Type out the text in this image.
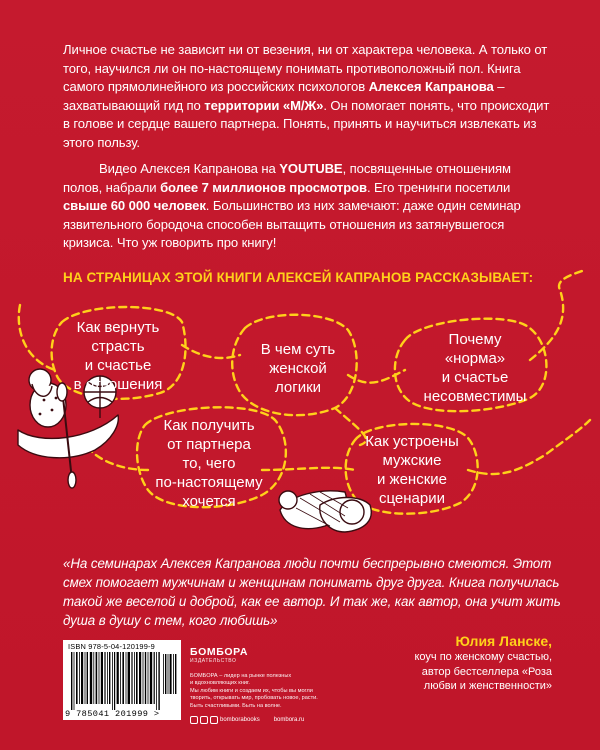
Личное счастье не зависит ни от везения, ни от характера человека. А только от того, научился ли он по-настоящему понимать противоположный пол. Книга самого прямолинейного из российских психологов Алексея Капранова – захватывающий гид по территории «М/Ж». Он помогает понять, что происходит в голове и сердце вашего партнера. Понять, принять и научиться извлекать из этого пользу.

Видео Алексея Капранова на YOUTUBE, посвященные отношениям полов, набрали более 7 миллионов просмотров. Его тренинги посетили свыше 60 000 человек. Большинство из них замечают: даже один семинар язвительного бородоча способен вытащить отношения из затянувшегося кризиса. Что уж говорить про книгу!

НА СТРАНИЦАХ ЭТОЙ КНИГИ АЛЕКСЕЙ КАПРАНОВ РАССКАЗЫВАЕТ:
Как вернуть
страсть
и счастье
в отношения
В чем суть
женской
логики
Почему
«норма»
и счастье
несовместимы
Как получить
от партнера
то, чего
по-настоящему
хочется
Как устроены
мужские
и женские
сценарии
«На семинарах Алексея Капранова люди почти беспрерывно смеются. Этот смех помогает мужчинам и женщинам понимать друг друга. Книга получилась такой же веселой и доброй, как ее автор. И так же, как автор, она учит жить душа в душу с тем, кого любишь»
Юлия Ланске,
коуч по женскому счастью,
автор бестселлера «Роза
любви и женственности»
ISBN 978-5-04-120199-9
9 785041 201999 >
БОМБОРА
ИЗДАТЕЛЬСТВО
БОМБОРА – лидер на рынке полезных
и вдохновляющих книг.
Мы любим книги и создаем их, чтобы вы могли
творить, открывать мир, пробовать новое, расти.
Быть счастливыми. Быть на волне.
bomborabooks bombora.ru
